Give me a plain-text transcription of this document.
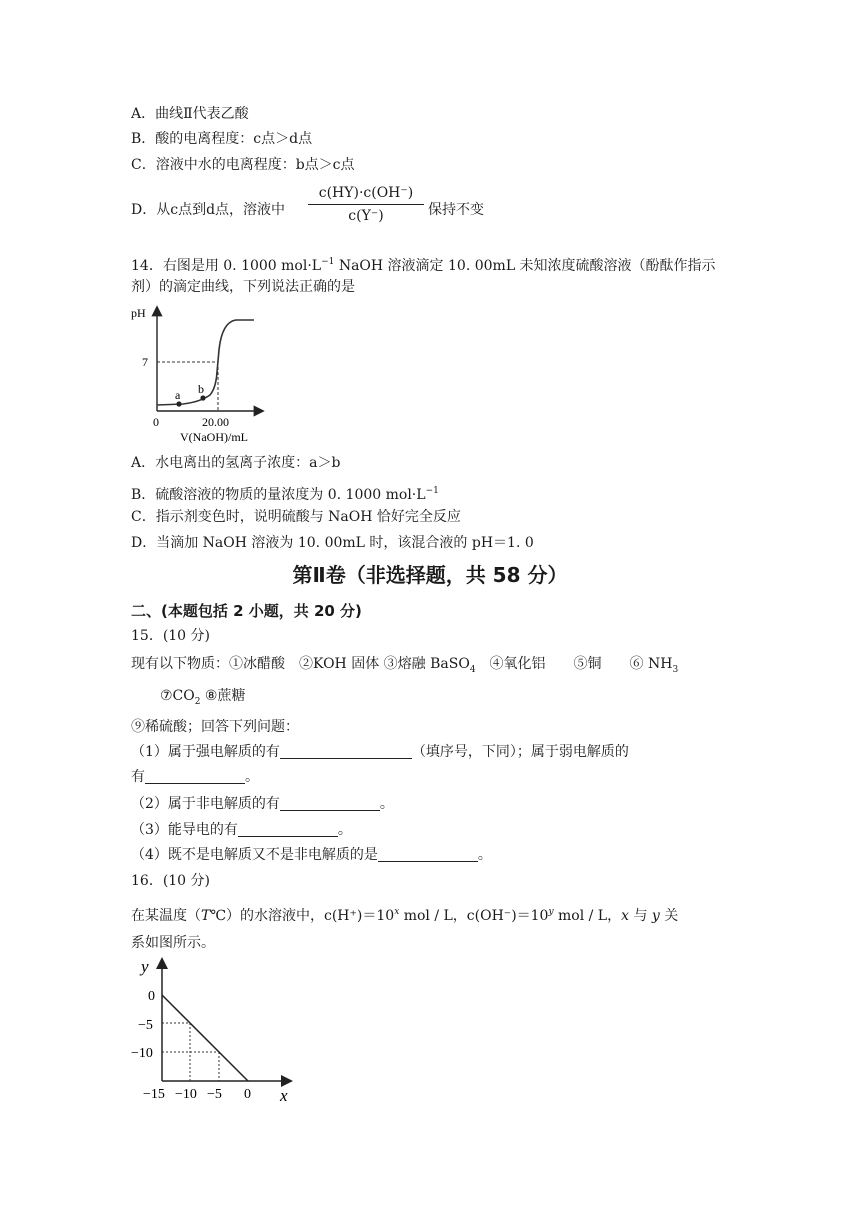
A．曲线Ⅱ代表乙酸
B．酸的电离程度：c点＞d点
C．溶液中水的电离程度：b点＞c点
D．从c点到d点，溶液中
c(HY)·c(OH⁻)
c(Y⁻)	保持不变
14．右图是用 0. 1000 $mol\cdot L^{-1}$ NaOH 溶液滴定 10. 00mL 未知浓度硫酸溶液（酚酞作指示
剂）的滴定曲线，下列说法正确的是
pH
7
0	20.00
V(NaOH)/mL
a b
A．水电离出的氢离子浓度：a＞b
B．硫酸溶液的物质的量浓度为 0. 1000 $mol\cdot L^{-1}$
C．指示剂变色时，说明硫酸与 NaOH 恰好完全反应
D．当滴加 NaOH 溶液为 10. 00mL 时，该混合液的 pH＝1. 0
第Ⅱ卷（非选择题，共 58 分）
二、(本题包括 2 小题，共 20 分)
15．(10 分)
现有以下物质：①冰醋酸　②KOH 固体 ③熔融 BaSO$_4$　④氧化铝　　⑤铜　　⑥ $NH_3$
$⑦CO_2$ ⑧蔗糖
⑨稀硫酸；回答下列问题：
（1）属于强电解质的有	（填序号，下同）；属于弱电解质的
有	。
（2）属于非电解质的有	。
（3）能导电的有	。
（4）既不是电解质又不是非电解质的是	。
16．(10 分)
在某温度（T℃）的水溶液中，$c(H^+)=10^x$ mol / L，$c(OH^-)=10^y$ mol / L，x 与 y 关
系如图所示。
y
x
0
−5
−10
−15 −10 −5 0
